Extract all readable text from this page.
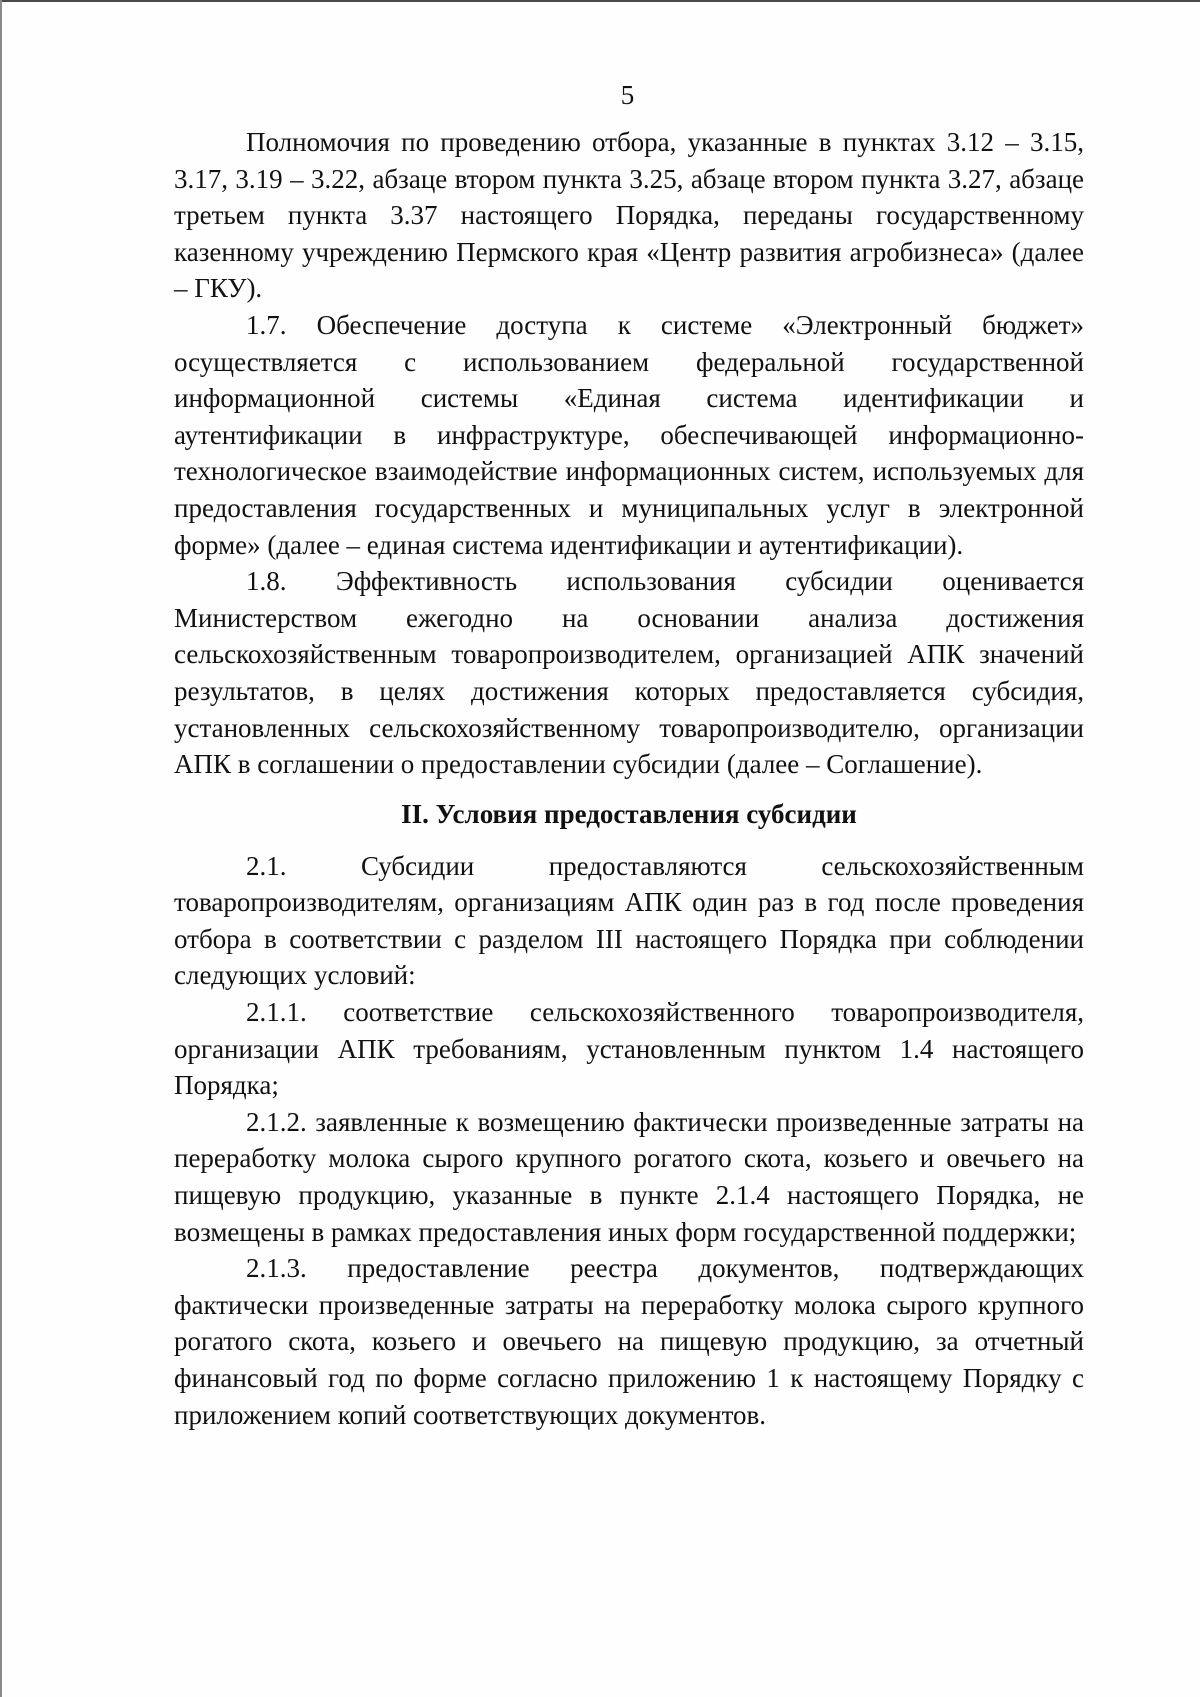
5

Полномочия по проведению отбора, указанные в пунктах 3.12 – 3.15, 3.17, 3.19 – 3.22, абзаце втором пункта 3.25, абзаце втором пункта 3.27, абзаце третьем пункта 3.37 настоящего Порядка, переданы государственному казенному учреждению Пермского края «Центр развития агробизнеса» (далее – ГКУ).

1.7. Обеспечение доступа к системе «Электронный бюджет» осуществляется с использованием федеральной государственной информационной системы «Единая система идентификации и аутентификации в инфраструктуре, обеспечивающей информационно-технологическое взаимодействие информационных систем, используемых для предоставления государственных и муниципальных услуг в электронной форме» (далее – единая система идентификации и аутентификации).

1.8. Эффективность использования субсидии оценивается Министерством ежегодно на основании анализа достижения сельскохозяйственным товаропроизводителем, организацией АПК значений результатов, в целях достижения которых предоставляется субсидия, установленных сельскохозяйственному товаропроизводителю, организации АПК в соглашении о предоставлении субсидии (далее – Соглашение).

II. Условия предоставления субсидии

2.1. Субсидии предоставляются сельскохозяйственным товаропроизводителям, организациям АПК один раз в год после проведения отбора в соответствии с разделом III настоящего Порядка при соблюдении следующих условий:

2.1.1. соответствие сельскохозяйственного товаропроизводителя, организации АПК требованиям, установленным пунктом 1.4 настоящего Порядка;

2.1.2. заявленные к возмещению фактически произведенные затраты на переработку молока сырого крупного рогатого скота, козьего и овечьего на пищевую продукцию, указанные в пункте 2.1.4 настоящего Порядка, не возмещены в рамках предоставления иных форм государственной поддержки;

2.1.3. предоставление реестра документов, подтверждающих фактически произведенные затраты на переработку молока сырого крупного рогатого скота, козьего и овечьего на пищевую продукцию, за отчетный финансовый год по форме согласно приложению 1 к настоящему Порядку с приложением копий соответствующих документов.
